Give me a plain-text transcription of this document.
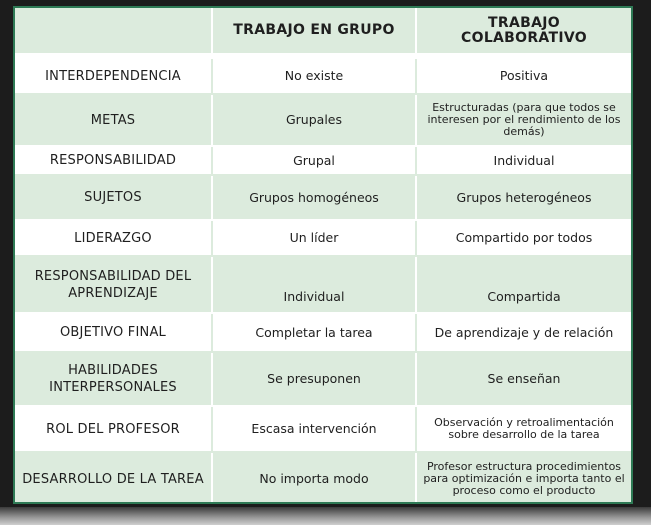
	TRABAJO EN GRUPO	TRABAJO
COLABORATIVO
INTERDEPENDENCIA	No existe	Positiva
METAS	Grupales	Estructuradas (para que todos se interesen por el rendimiento de los demás)
RESPONSABILIDAD	Grupal	Individual
SUJETOS	Grupos homogéneos	Grupos heterogéneos
LIDERAZGO	Un líder	Compartido por todos
RESPONSABILIDAD DEL APRENDIZAJE	Individual	Compartida
OBJETIVO FINAL	Completar la tarea	De aprendizaje y de relación
HABILIDADES INTERPERSONALES	Se presuponen	Se enseñan
ROL DEL PROFESOR	Escasa intervención	Observación y retroalimentación sobre desarrollo de la tarea
DESARROLLO DE LA TAREA	No importa modo	Profesor estructura procedimientos para optimización e importa tanto el proceso como el producto
